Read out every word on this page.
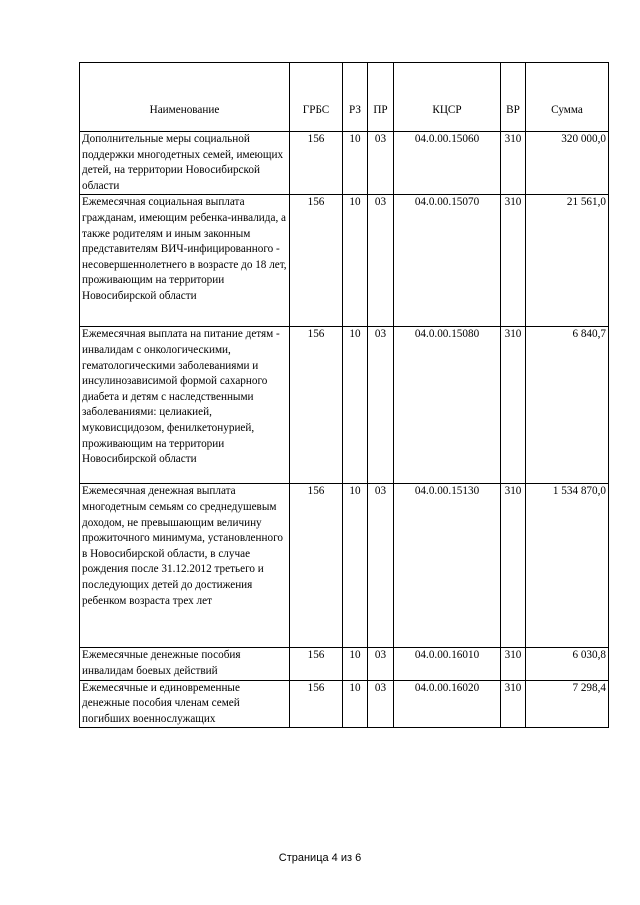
Наименование	ГРБС	РЗ	ПР	КЦСР	ВР	Сумма
Дополнительные меры социальной поддержки многодетных семей, имеющих детей, на территории Новосибирской области	156	10	03	04.0.00.15060	310	320 000,0
Ежемесячная социальная выплата гражданам, имеющим ребенка-инвалида, а также родителям и иным законным представителям ВИЧ-инфицированного - несовершеннолетнего в возрасте до 18 лет, проживающим на территории Новосибирской области	156	10	03	04.0.00.15070	310	21 561,0
Ежемесячная выплата на питание детям - инвалидам с онкологическими, гематологическими заболеваниями и инсулинозависимой формой сахарного диабета и детям с наследственными заболеваниями: целиакией, муковисцидозом, фенилкетонурией, проживающим на территории Новосибирской области	156	10	03	04.0.00.15080	310	6 840,7
Ежемесячная денежная выплата многодетным семьям со среднедушевым доходом, не превышающим величину прожиточного минимума, установленного в Новосибирской области, в случае рождения после 31.12.2012 третьего и последующих детей до достижения ребенком возраста трех лет	156	10	03	04.0.00.15130	310	1 534 870,0
Ежемесячные денежные пособия инвалидам боевых действий	156	10	03	04.0.00.16010	310	6 030,8
Ежемесячные и единовременные денежные пособия членам семей погибших военнослужащих	156	10	03	04.0.00.16020	310	7 298,4
Страница 4 из 6
